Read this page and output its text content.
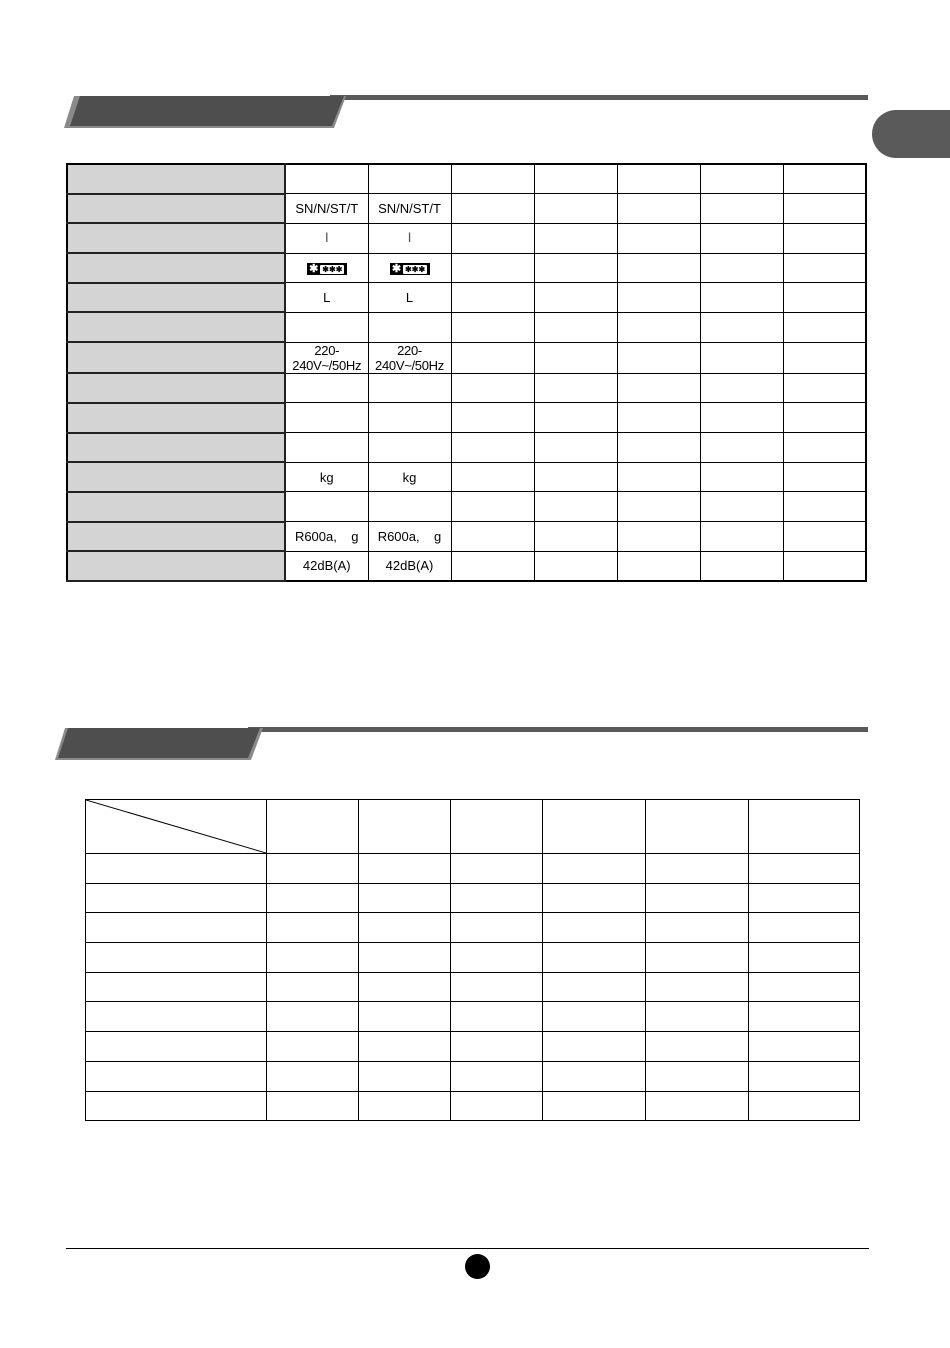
	SN/N/ST/T	SN/N/ST/T					
	Ⅰ	Ⅰ					
	✱ ✱✱✱	✱ ✱✱✱					

	L	L					

	220-240V~/50Hz	220-240V~/50Hz					

	kg	kg					

	R600a,    g	R600a,    g					
	42dB(A)	42dB(A)					
